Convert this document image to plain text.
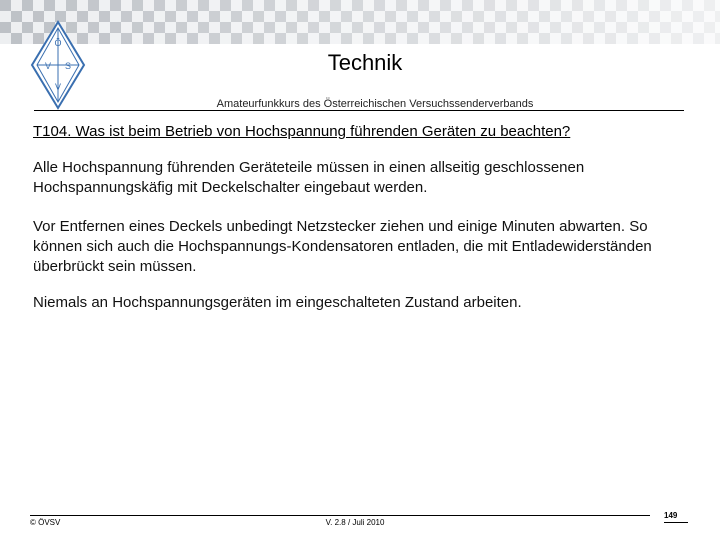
Ö
V S
V
Technik
Amateurfunkkurs des Österreichischen Versuchssenderverbands
T104. Was ist beim Betrieb von Hochspannung führenden Geräten zu beachten?

Alle Hochspannung führenden Geräteteile müssen in einen allseitig geschlossenen Hochspannungskäfig mit Deckelschalter eingebaut werden.

Vor Entfernen eines Deckels unbedingt Netzstecker ziehen und einige Minuten abwarten. So können sich auch die Hochspannungs-Kondensatoren entladen, die mit Entladewiderständen überbrückt sein müssen.

Niemals an Hochspannungsgeräten im eingeschalteten Zustand arbeiten.

© ÖVSV	V. 2.8 / Juli 2010
149
